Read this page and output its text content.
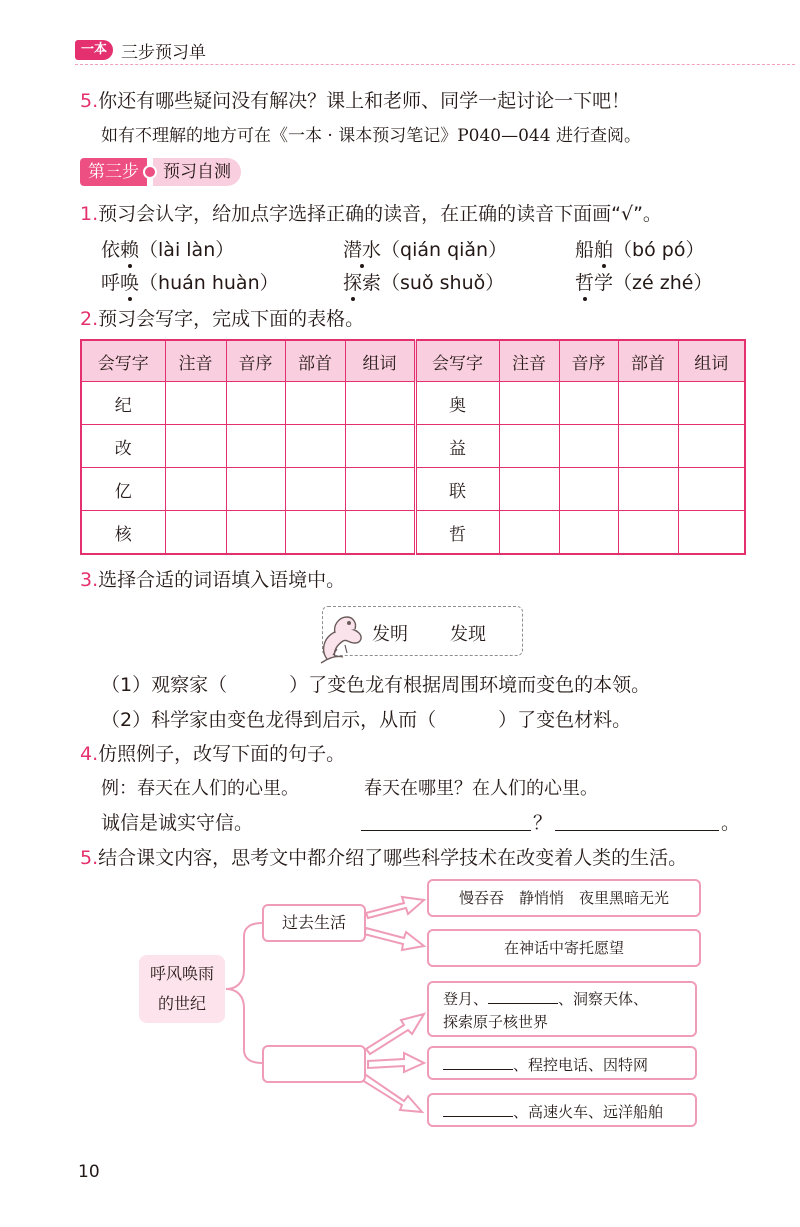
一本 三步预习单
5.你还有哪些疑问没有解决？课上和老师、同学一起讨论一下吧！
如有不理解的地方可在《一本 · 课本预习笔记》P040—044 进行查阅。
第三步	预习自测
1.预习会认字，给加点字选择正确的读音，在正确的读音下面画“√”。
依赖（lài làn）	潜水（qián qiǎn）	船舶（bó pó）
呼唤（huán huàn）	探索（suǒ shuǒ）	哲学（zé zhé）
2.预习会写字，完成下面的表格。
会写字	注音	音序	部首	组词	会写字	注音	音序	部首	组词
纪					奥				
改					益				
亿					联				
核					哲				
3.选择合适的词语填入语境中。
发明 发现
（1）观察家（	）了变色龙有根据周围环境而变色的本领。
（2）科学家由变色龙得到启示，从而（	）了变色材料。
4.仿照例子，改写下面的句子。
例：春天在人们的心里。	春天在哪里？在人们的心里。
诚信是诚实守信。	？	。
5.结合课文内容，思考文中都介绍了哪些科学技术在改变着人类的生活。
呼风唤雨
的世纪
过去生活
慢吞吞　静悄悄　夜里黑暗无光
在神话中寄托愿望
登月、	、洞察天体、
探索原子核世界
、程控电话、因特网
、高速火车、远洋船舶
10
